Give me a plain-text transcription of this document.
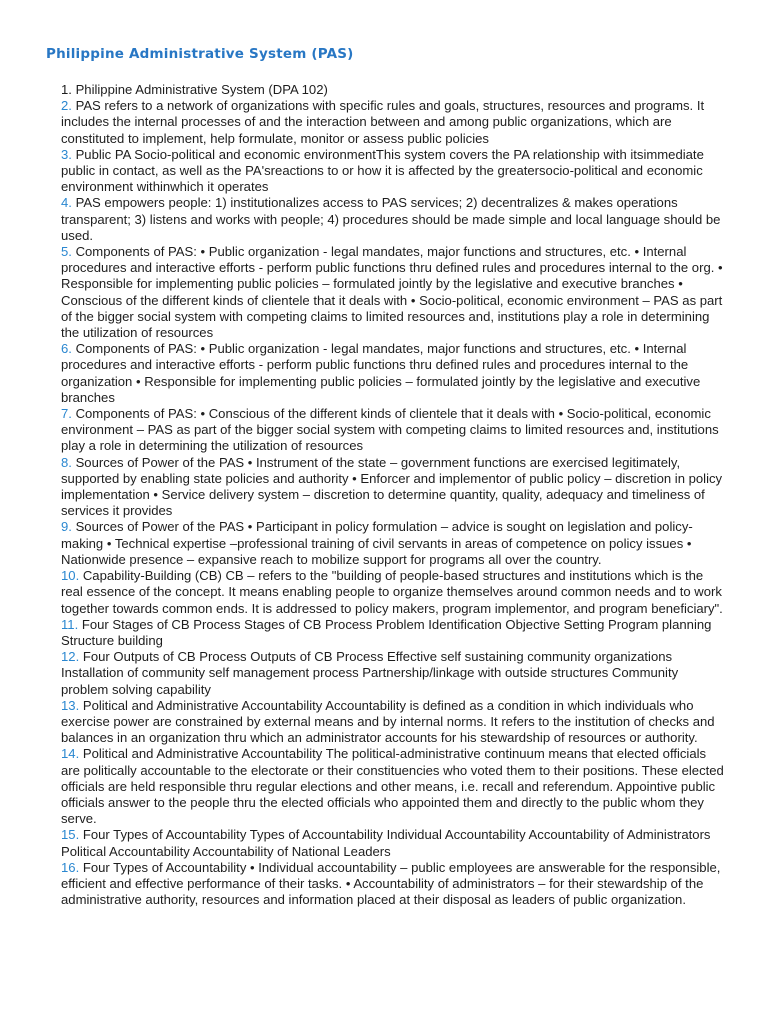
Philippine Administrative System (PAS)
1. Philippine Administrative System (DPA 102)
2. PAS refers to a network of organizations with specific rules and goals, structures, resources and programs. It includes the internal processes of and the interaction between and among public organizations, which are constituted to implement, help formulate, monitor or assess public policies
3. Public PA Socio-political and economic environmentThis system covers the PA relationship with itsimmediate public in contact, as well as the PA'sreactions to or how it is affected by the greatersocio-political and economic environment withinwhich it operates
4. PAS empowers people: 1) institutionalizes access to PAS services; 2) decentralizes & makes operations transparent; 3) listens and works with people; 4) procedures should be made simple and local language should be used.
5. Components of PAS: • Public organization - legal mandates, major functions and structures, etc. • Internal procedures and interactive efforts - perform public functions thru defined rules and procedures internal to the org. • Responsible for implementing public policies – formulated jointly by the legislative and executive branches • Conscious of the different kinds of clientele that it deals with • Socio-political, economic environment – PAS as part of the bigger social system with competing claims to limited resources and, institutions play a role in determining the utilization of resources
6. Components of PAS: • Public organization - legal mandates, major functions and structures, etc. • Internal procedures and interactive efforts - perform public functions thru defined rules and procedures internal to the organization • Responsible for implementing public policies – formulated jointly by the legislative and executive branches
7. Components of PAS: • Conscious of the different kinds of clientele that it deals with • Socio-political, economic environment – PAS as part of the bigger social system with competing claims to limited resources and, institutions play a role in determining the utilization of resources
8. Sources of Power of the PAS • Instrument of the state – government functions are exercised legitimately, supported by enabling state policies and authority • Enforcer and implementor of public policy – discretion in policy implementation • Service delivery system – discretion to determine quantity, quality, adequacy and timeliness of services it provides
9. Sources of Power of the PAS • Participant in policy formulation – advice is sought on legislation and policy-making • Technical expertise –professional training of civil servants in areas of competence on policy issues • Nationwide presence – expansive reach to mobilize support for programs all over the country.
10. Capability-Building (CB) CB – refers to the "building of people-based structures and institutions which is the real essence of the concept. It means enabling people to organize themselves around common needs and to work together towards common ends. It is addressed to policy makers, program implementor, and program beneficiary".
11. Four Stages of CB Process Stages of CB Process Problem Identification Objective Setting Program planning Structure building
12. Four Outputs of CB Process Outputs of CB Process Effective self sustaining community organizations Installation of community self management process Partnership/linkage with outside structures Community problem solving capability
13. Political and Administrative Accountability Accountability is defined as a condition in which individuals who exercise power are constrained by external means and by internal norms. It refers to the institution of checks and balances in an organization thru which an administrator accounts for his stewardship of resources or authority.
14. Political and Administrative Accountability The political-administrative continuum means that elected officials are politically accountable to the electorate or their constituencies who voted them to their positions. These elected officials are held responsible thru regular elections and other means, i.e. recall and referendum. Appointive public officials answer to the people thru the elected officials who appointed them and directly to the public whom they serve.
15. Four Types of Accountability Types of Accountability Individual Accountability Accountability of Administrators Political Accountability Accountability of National Leaders
16. Four Types of Accountability • Individual accountability – public employees are answerable for the responsible, efficient and effective performance of their tasks. • Accountability of administrators – for their stewardship of the administrative authority, resources and information placed at their disposal as leaders of public organization.
